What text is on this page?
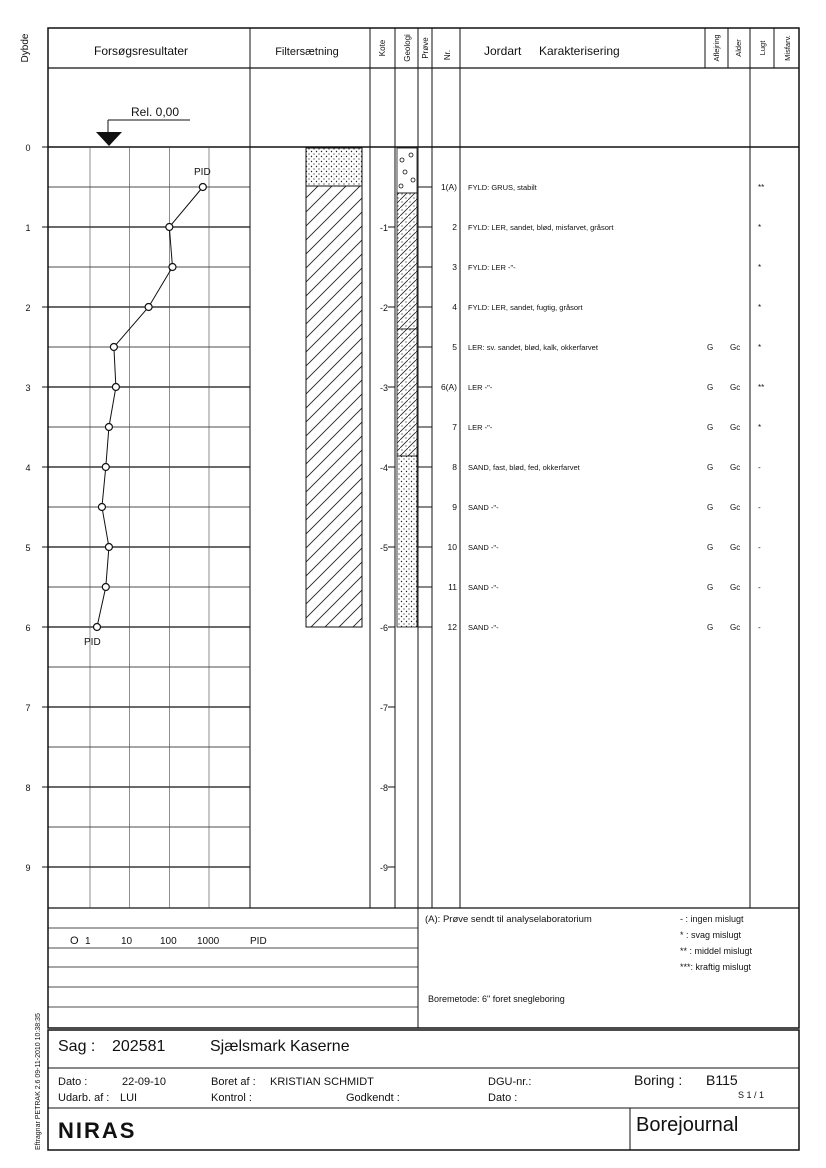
Dybde	Forsøgsresultater	Filtersætning	Kote Geologi Prøve Nr.	Jordart Karakterisering	Aflejring Alder Lugt Misfarv.
Rel. 0,00
0
1
2
3
4
5
6
7
8
9
-1
-2
-3
-4
-5
-6
-7
-8
-9
PID
PID
1(A) FYLD: GRUS, stabilt	**
2 FYLD: LER, sandet, blød, misfarvet, gråsort	*
3 FYLD: LER -"-	*
4 FYLD: LER, sandet, fugtig, gråsort	*
5 LER: sv. sandet, blød, kalk, okkerfarvet	G Gc *
6(A) LER -"-	G Gc **
7 LER -"-	G Gc *
8 SAND, fast, blød, fed, okkerfarvet	G Gc -
9 SAND -"-	G Gc -
10 SAND -"-	G Gc -
11 SAND -"-	G Gc -
12 SAND -"-	G Gc -
O 1	10	100 1000	PID
(A): Prøve sendt til analyselaboratorium
Boremetode: 6" foret snegleboring
- : ingen mislugt
* : svag mislugt
** : middel mislugt
***: kraftig mislugt
Eftragnar PETRAK 2.6 09-11-2010 10:38:35 Sag : 202581	Sjælsmark Kaserne
Dato :	22-09-10	Boret af : KRISTIAN SCHMIDT	DGU-nr.:	Boring : B115
Udarb. af : LUI	Kontrol :	Godkendt :	Dato :	S 1 / 1
NIRAS	Borejournal
